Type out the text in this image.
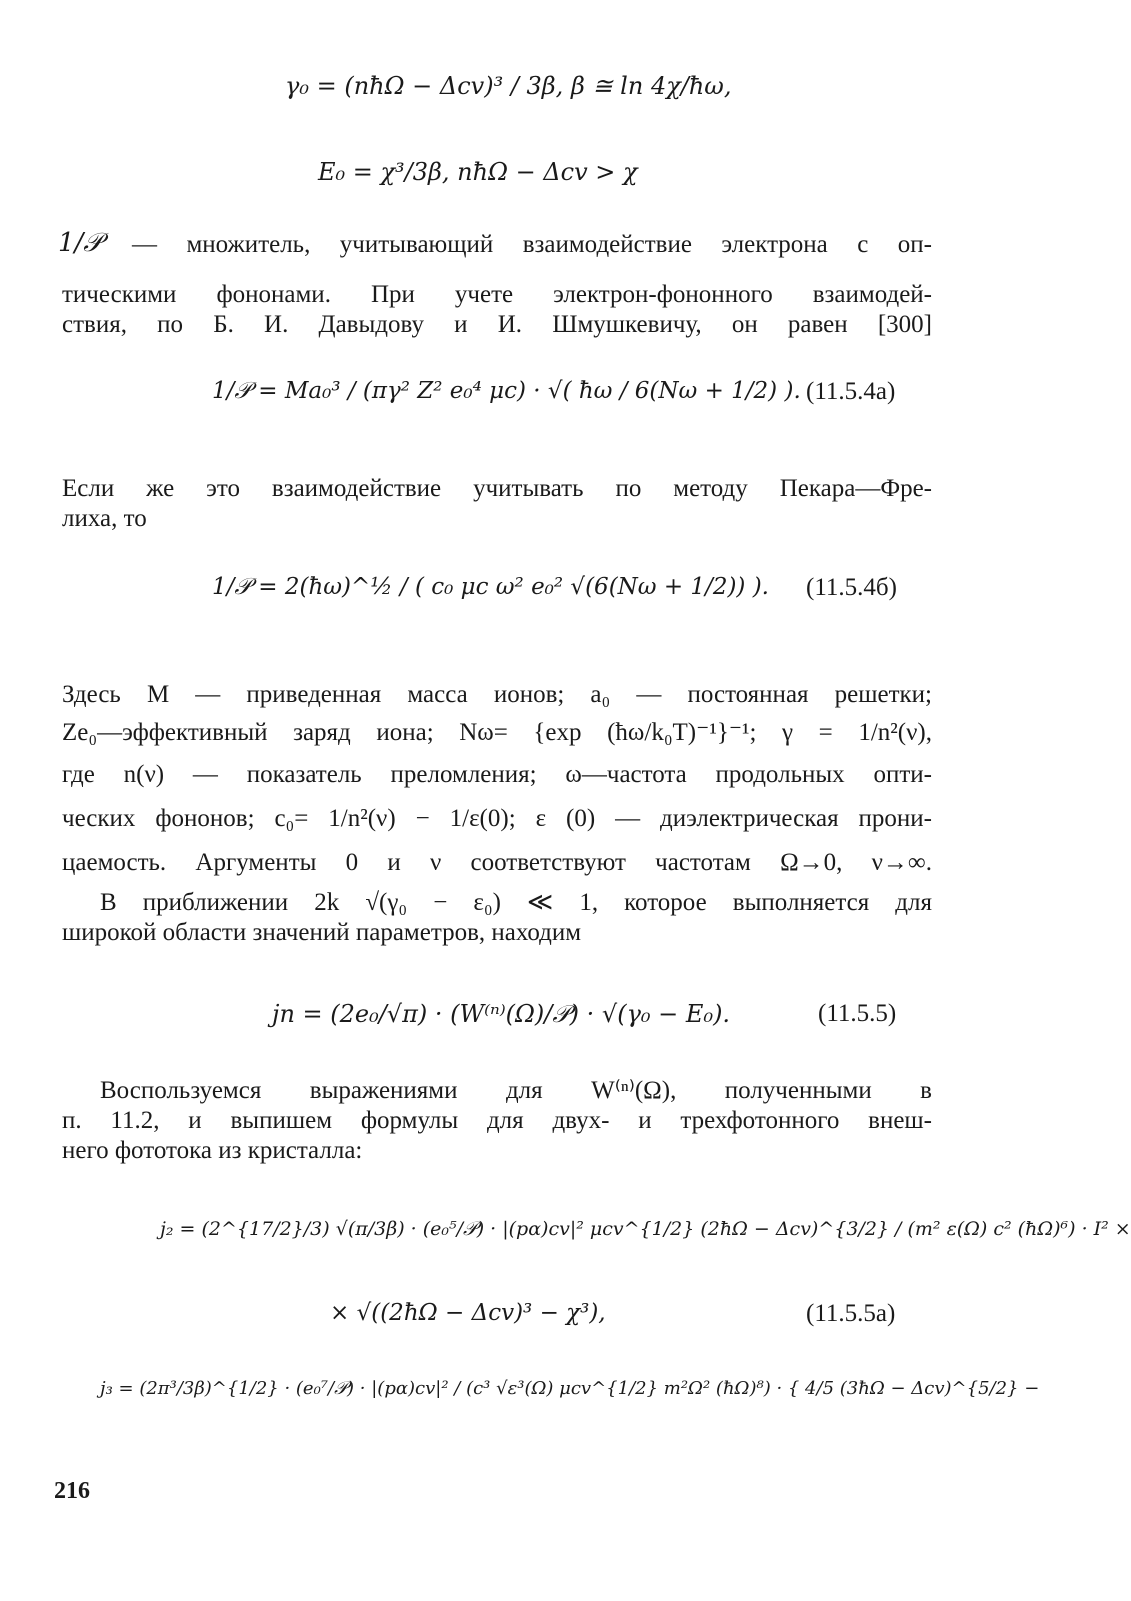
γ₀ = (nħΩ − Δcv)³ / 3β, β ≅ ln 4χ/ħω,
E₀ = χ³/3β, nħΩ − Δcv > χ
1/𝒫 — множитель, учитывающий взаимодействие электрона с оп-
тическими фононами. При учете электрон-фононного взаимодей-
ствия, по Б. И. Давыдову и И. Шмушкевичу, он равен [300]
1/𝒫 = Ma₀³ / (πγ² Z² e₀⁴ μc) · √( ħω / 6(Nω + 1/2) ). (11.5.4а)
Если же это взаимодействие учитывать по методу Пекара—Фре-
лиха, то
1/𝒫 = 2(ħω)^½ / ( c₀ μc ω² e₀² √(6(Nω + 1/2)) ). (11.5.4б)
Здесь M — приведенная масса ионов; a₀ — постоянная решетки;
Ze₀—эффективный заряд иона; Nω= {exp (ħω/k₀T)⁻¹}⁻¹; γ = 1/n²(ν),
где n(ν) — показатель преломления; ω—частота продольных опти-
ческих фононов; c₀= 1/n²(ν) − 1/ε(0); ε (0) — диэлектрическая прони-
цаемость. Аргументы 0 и ν соответствуют частотам Ω→0, ν→∞.
В приближении 2k √(γ₀ − ε₀) ≪ 1, которое выполняется для
широкой области значений параметров, находим
jn = (2e₀/√π) · (W⁽ⁿ⁾(Ω)/𝒫) · √(γ₀ − E₀).	(11.5.5)
Воспользуемся выражениями для W⁽ⁿ⁾(Ω), полученными в
п. 11.2, и выпишем формулы для двух- и трехфотонного внеш-
него фототока из кристалла:
j₂ = (2^{17/2}/3) √(π/3β) · (e₀⁵/𝒫) · |(pα)cv|² μcv^{1/2} (2ħΩ − Δcv)^{3/2} / (m² ε(Ω) c² (ħΩ)⁶) · I² ×
× √((2ħΩ − Δcv)³ − χ³),	(11.5.5а)
j₃ = (2π³/3β)^{1/2} · (e₀⁷/𝒫) · |(pα)cv|² / (c³ √ε³(Ω) μcv^{1/2} m²Ω² (ħΩ)⁸) · { 4/5 (3ħΩ − Δcv)^{5/2} −
216
